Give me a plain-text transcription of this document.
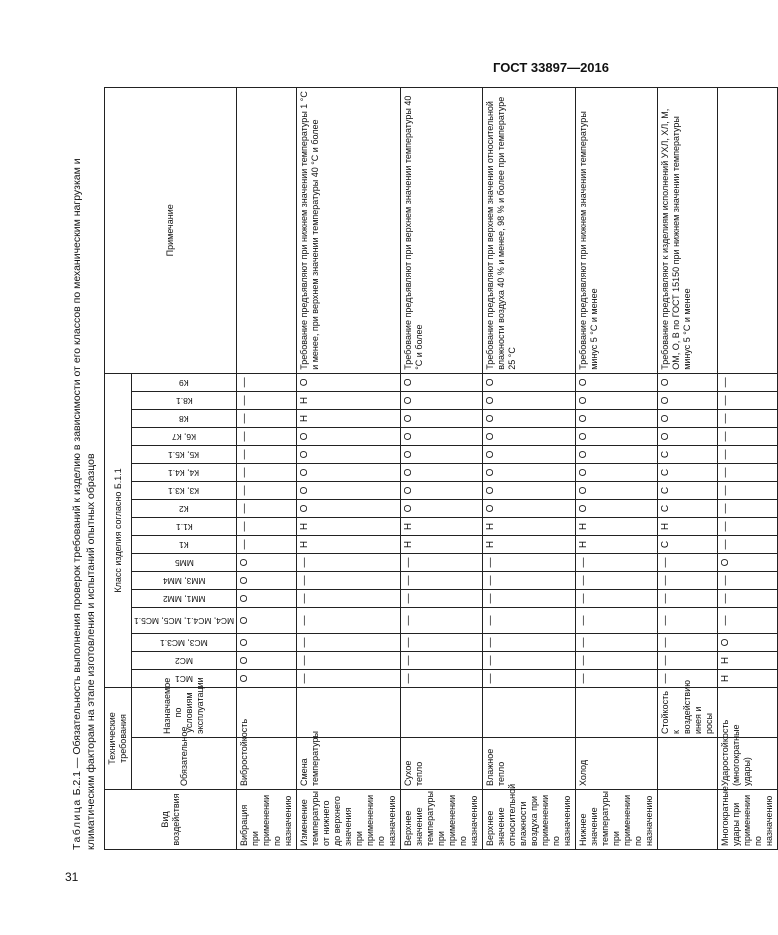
ГОСТ 33897—2016

Таблица Б.2.1 — Обязательность выполнения проверок требований к изделию в зависимости от его классов по механическим нагрузкам и климатическим факторам на этапе изготовления и испытаний опытных образцов	Вид воздействия	Технические требования		Класс изделия согласно Б.1.1																	Примечание
	Обязательное	Назначаемое по условиям эксплуатации																		

			МС1	МС2	МС3, МС3.1	МС4, МС4.1, МС5, МС5.1	ММ1, ММ2	ММ3, ММ4	ММ5	К1	К1.1	К2	К3, К3.1	К4, К4.1	К5, К5.1	К6, К7	К8	К8.1	К9	

Вибрация при применении по назначению	Вибростойкость		О	О	О	О	О	О	О	—	—	—	—	—	—	—	—	—	—	
Изменение температуры от нижнего до верхнего значения при применении по назначению	Смена температуры		—	—	—	—	—	—	—	Н	Н	О	О	О	О	О	Н	Н	О	Требование предъявляют при нижнем значении температуры 1 °С и менее, при верхнем значении температуры 40 °С и более
Верхнее значение температуры при применении по назначению	Сухое тепло		—	—	—	—	—	—	—	Н	Н	О	О	О	О	О	О	О	О	Требование предъявляют при верхнем значении температуры 40 °С и более
Верхнее значение относительной влажности воздуха при применении по назначению	Влажное тепло		—	—	—	—	—	—	—	Н	Н	О	О	О	О	О	О	О	О	Требование предъявляют при верхнем значении относительной влажности воздуха 40 % и менее, 98 % и более при температуре 25 °С
Нижнее значение температуры при применении по назначению	Холод		—	—	—	—	—	—	—	Н	Н	О	О	О	О	О	О	О	О	Требование предъявляют при нижнем значении температуры минус 5 °С и менее
		Стойкость к воздействию инея и росы	—	—	—	—	—	—	—	С	Н	С	С	С	С	О	О	О	О	Требование предъявляют к изделиям исполнений УХЛ, ХЛ, М, ОМ, О, В по ГОСТ 15150 при нижнем значении температуры минус 5 °С и менее
Многократные удары при применении по назначению	Ударостойкость (многократные удары)		Н	Н	О	—	—	—	О	—	—	—	—	—	—	—	—	—	—	
31
